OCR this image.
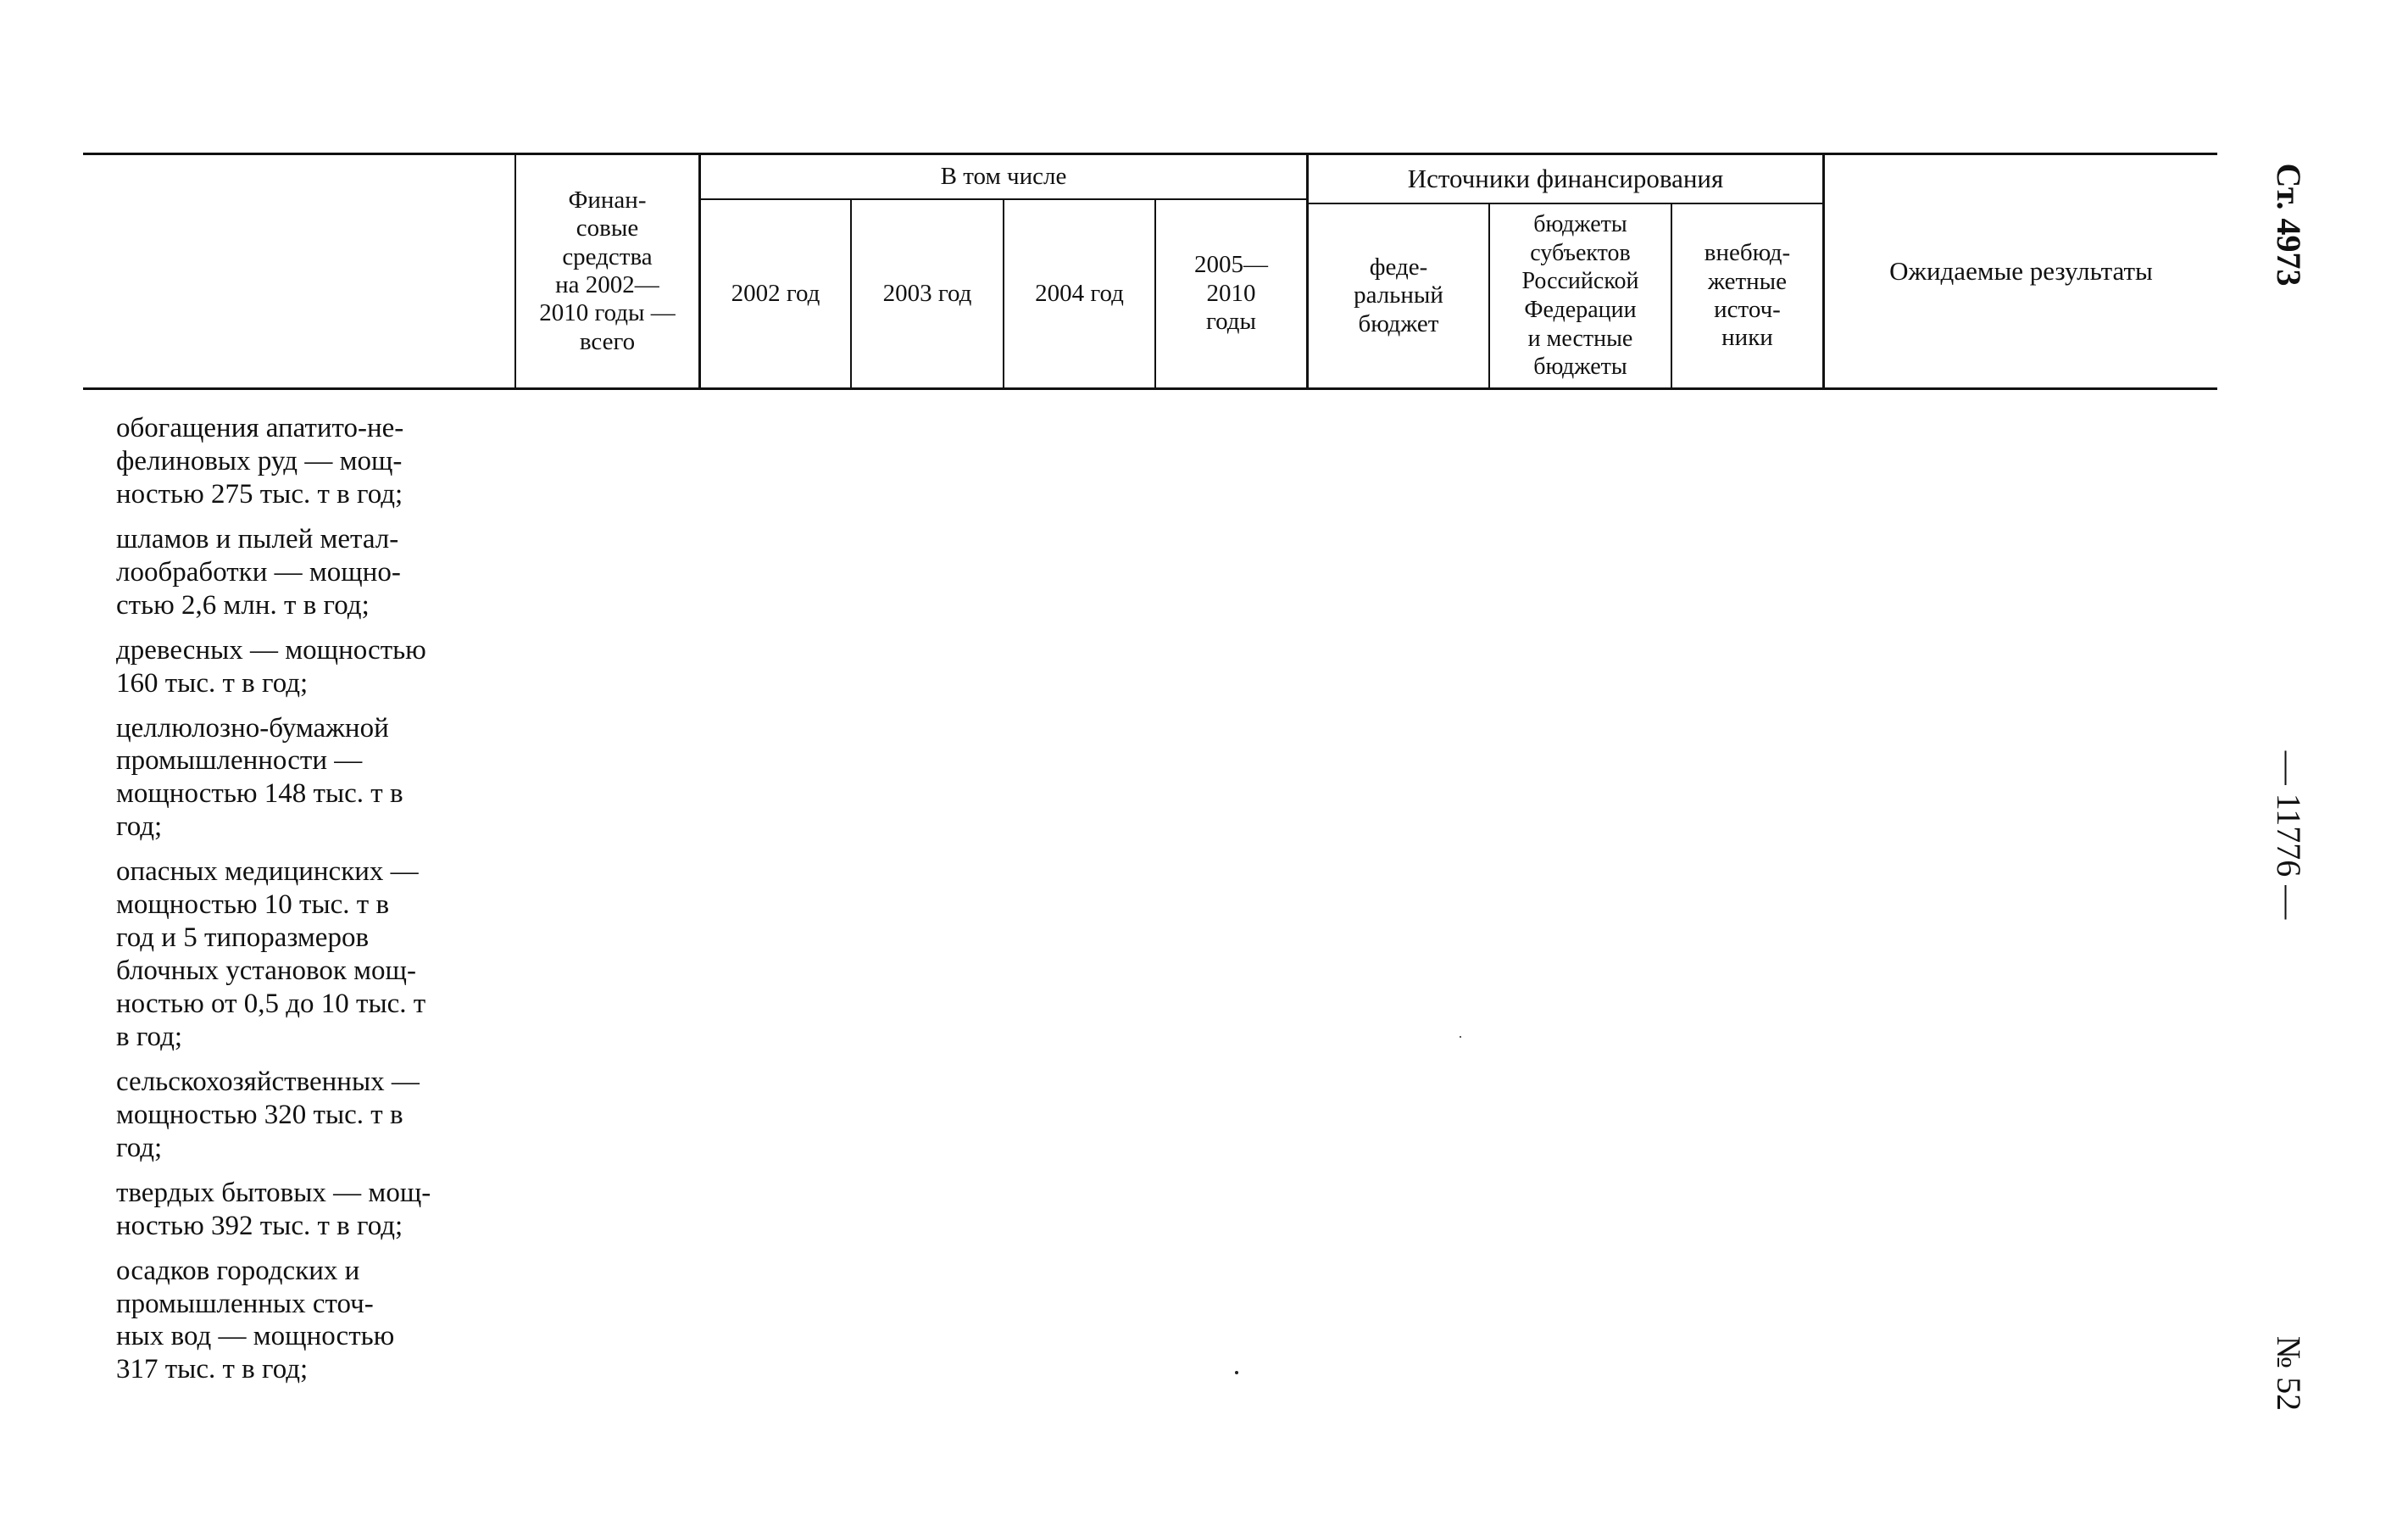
Финан-
совые
средства
на 2002—
2010 годы —
всего
В том числе
2002 год	2003 год	2004 год
2005—
2010
годы
Источники финансирования
феде-
ральный
бюджет
бюджеты
субъектов
Российской
Федерации
и местные
бюджеты
внебюд-
жетные
источ-
ники
Ожидаемые результаты

обогащения апатито-не-
фелиновых руд — мощ-
ностью 275 тыс. т в год;

шламов и пылей метал-
лообработки — мощно-
стью 2,6 млн. т в год;

древесных — мощностью
160 тыс. т в год;

целлюлозно-бумажной
промышленности —
мощностью 148 тыс. т в
год;

опасных медицинских —
мощностью 10 тыс. т в
год и 5 типоразмеров
блочных установок мощ-
ностью от 0,5 до 10 тыс. т
в год;

сельскохозяйственных —
мощностью 320 тыс. т в
год;

твердых бытовых — мощ-
ностью 392 тыс. т в год;

осадков городских и
промышленных сточ-
ных вод — мощностью
317 тыс. т в год;

Ст. 4973
— 11776 —
№ 52
